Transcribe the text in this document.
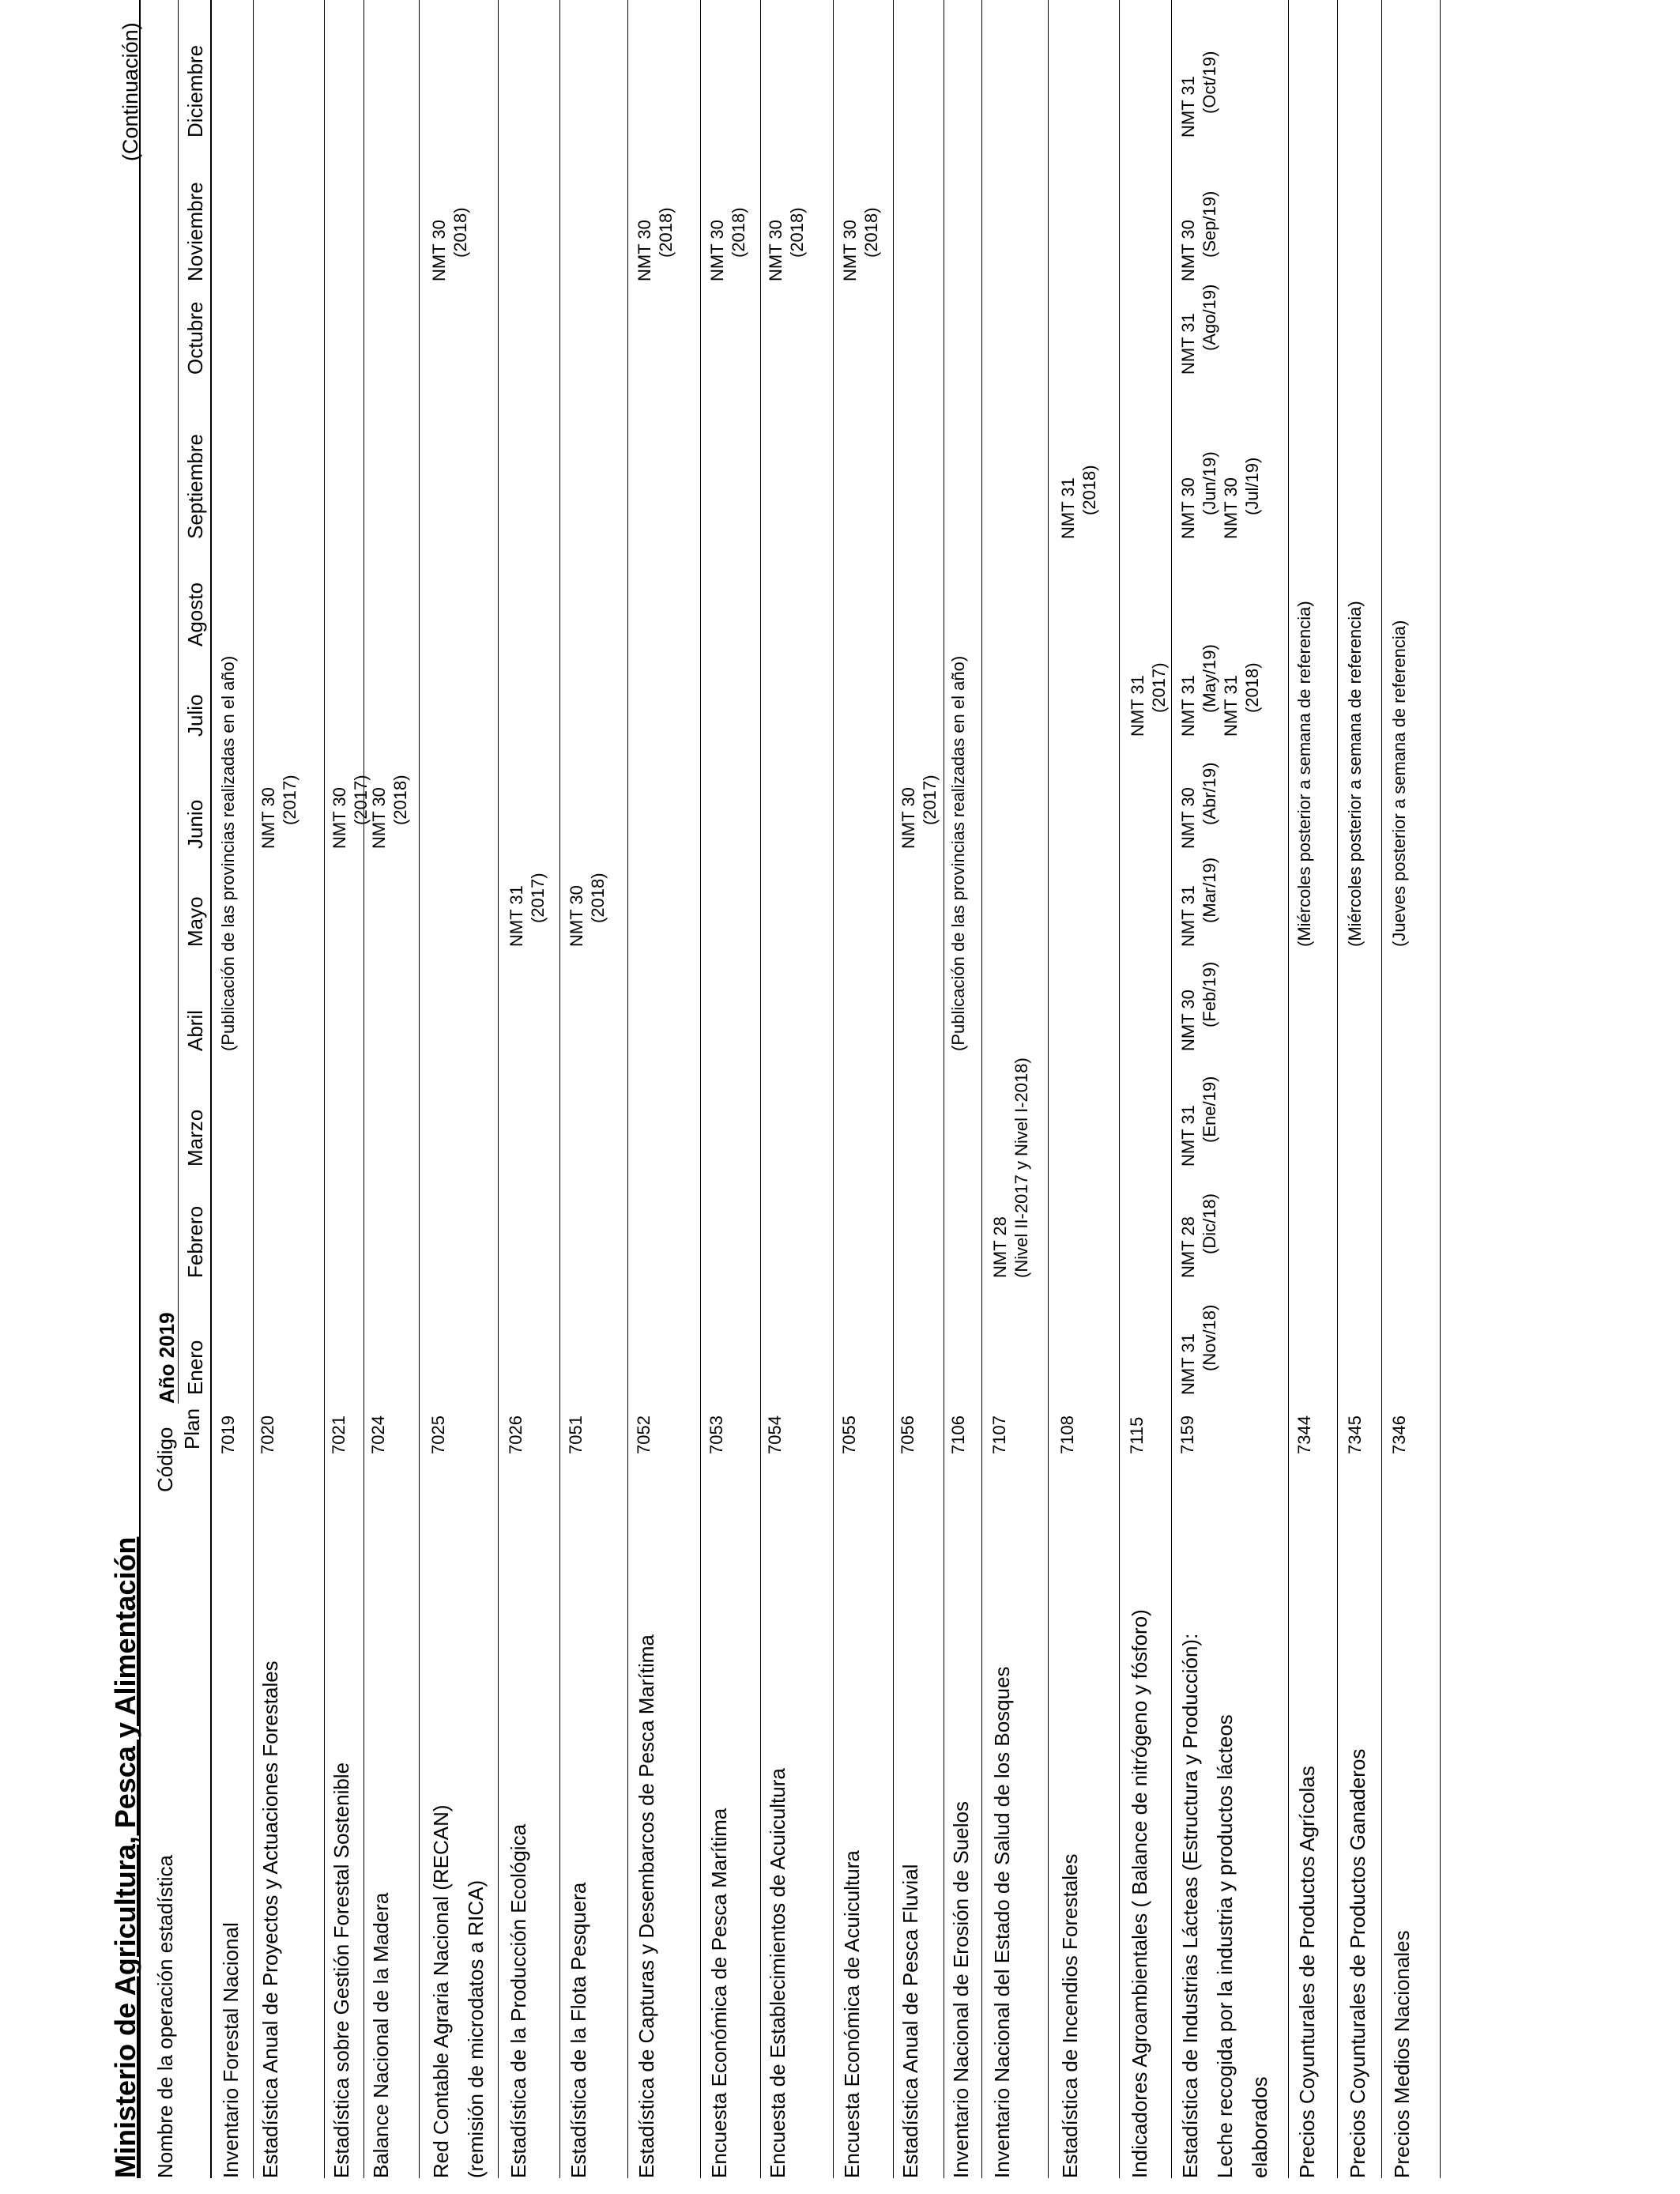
Ministerio de Agricultura, Pesca y Alimentación
(Continuación)
Nombre de la operación estadística
Código Plan
Año 2019 Enero
Febrero
Marzo
Abril
Mayo
Junio
Julio
Agosto
Septiembre
Octubre
Noviembre
Diciembre
Inventario Forestal Nacional
7019
(Publicación de las provincias realizadas en el año)
Estadística Anual de Proyectos y Actuaciones Forestales
7020
NMT 30 (2017)
Estadística sobre Gestión Forestal Sostenible
7021
NMT 30 (2017)
Balance Nacional de la Madera
7024
NMT 30 (2018)
Red Contable Agraria Nacional (RECAN) (remisión de microdatos a RICA)
7025
NMT 30 (2018)
Estadística de la Producción Ecológica
7026
NMT 31 (2017)
Estadística de la Flota Pesquera
7051
NMT 30 (2018)
Estadística de Capturas y Desembarcos de Pesca Marítima
7052
NMT 30 (2018)
Encuesta Económica de Pesca Marítima
7053
NMT 30 (2018)
Encuesta de Establecimientos de Acuicultura
7054
NMT 30 (2018)
Encuesta Económica de Acuicultura
7055
NMT 30 (2018)
Estadística Anual de Pesca Fluvial
7056
NMT 30 (2017)
Inventario Nacional de Erosión de Suelos
7106
(Publicación de las provincias realizadas en el año)
Inventario Nacional del Estado de Salud de los Bosques
7107
NMT 28 (Nivel II-2017 y Nivel I-2018)
Estadística de Incendios Forestales
7108
NMT 31 (2018)
Indicadores Agroambientales ( Balance de nitrógeno y fósforo)
7115
NMT 31 (2017)
Estadística de Industrias Lácteas (Estructura y Producción): Leche recogida por la industria y productos lácteos elaborados
7159
NMT 31 (Nov/18)
NMT 28 (Dic/18)
NMT 31 (Ene/19)
NMT 30 (Feb/19)
NMT 31 (Mar/19)
NMT 30 (Abr/19)
NMT 31 (May/19) NMT 31 (2018)
NMT 30 (Jun/19) NMT 30 (Jul/19)
NMT 31 (Ago/19)
NMT 30 (Sep/19)
NMT 31 (Oct/19)
Precios Coyunturales de Productos Agrícolas
7344
(Miércoles posterior a semana de referencia)
Precios Coyunturales de Productos Ganaderos
7345
(Miércoles posterior a semana de referencia)
Precios Medios Nacionales
7346
(Jueves posterior a semana de referencia)
